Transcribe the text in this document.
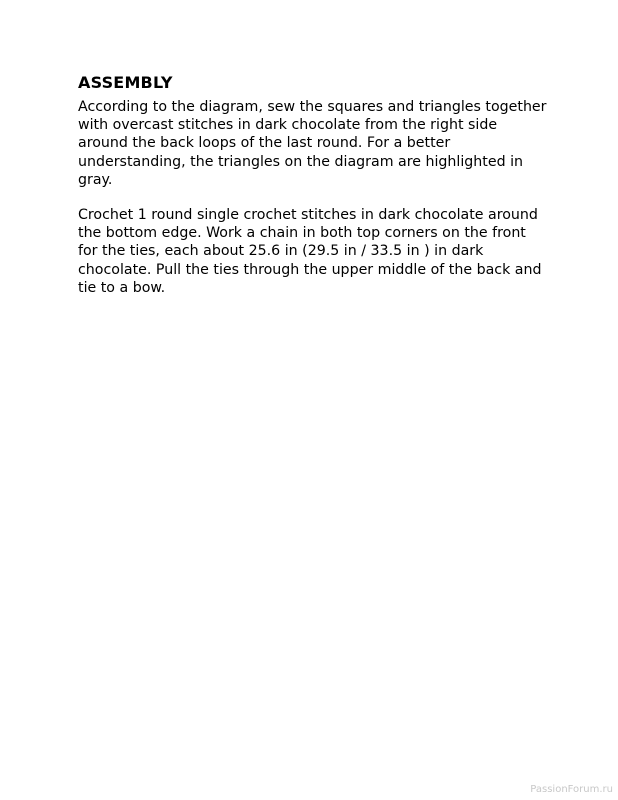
ASSEMBLY

According to the diagram, sew the squares and triangles together with overcast stitches in dark chocolate from the right side around the back loops of the last round. For a better understanding, the triangles on the diagram are highlighted in gray.

Crochet 1 round single crochet stitches in dark chocolate around the bottom edge. Work a chain in both top corners on the front for the ties, each about 25.6 in (29.5 in / 33.5 in ) in dark chocolate. Pull the ties through the upper middle of the back and tie to a bow.

PassionForum.ru
